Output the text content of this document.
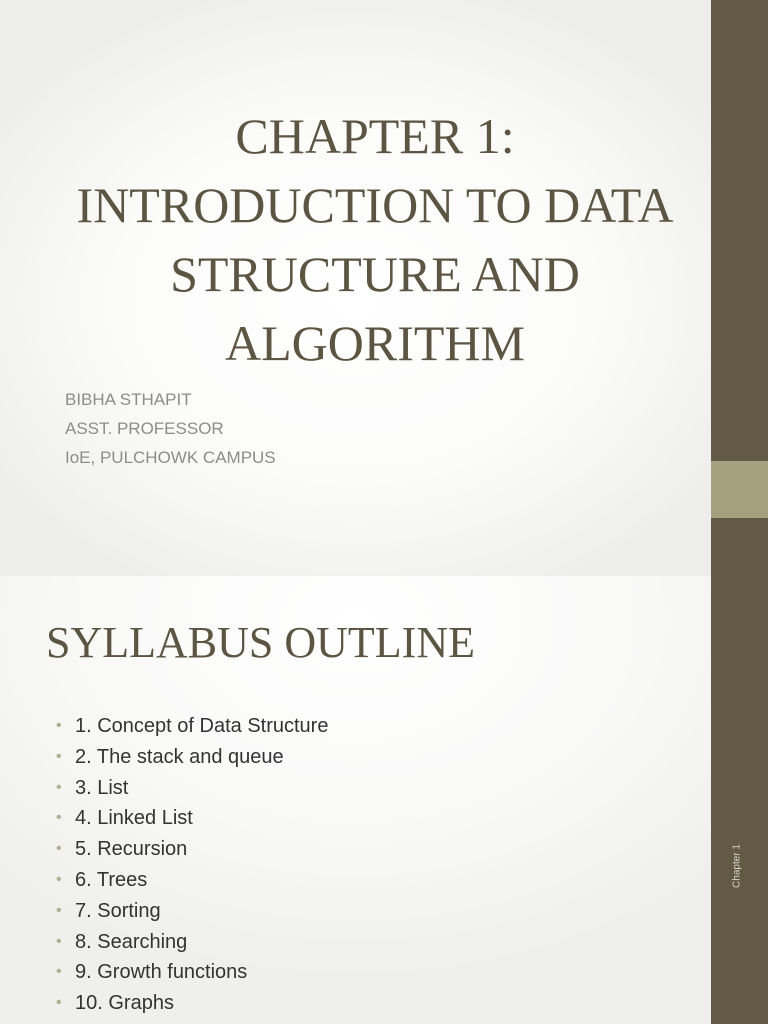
CHAPTER 1:
INTRODUCTION TO DATA
STRUCTURE AND
ALGORITHM
BIBHA STHAPIT
ASST. PROFESSOR
IoE, PULCHOWK CAMPUS
SYLLABUS OUTLINE
• 1. Concept of Data Structure
• 2. The stack and queue
• 3. List
• 4. Linked List
• 5. Recursion
• 6. Trees
• 7. Sorting
• 8. Searching
• 9. Growth functions
• 10. Graphs
Chapter 1
